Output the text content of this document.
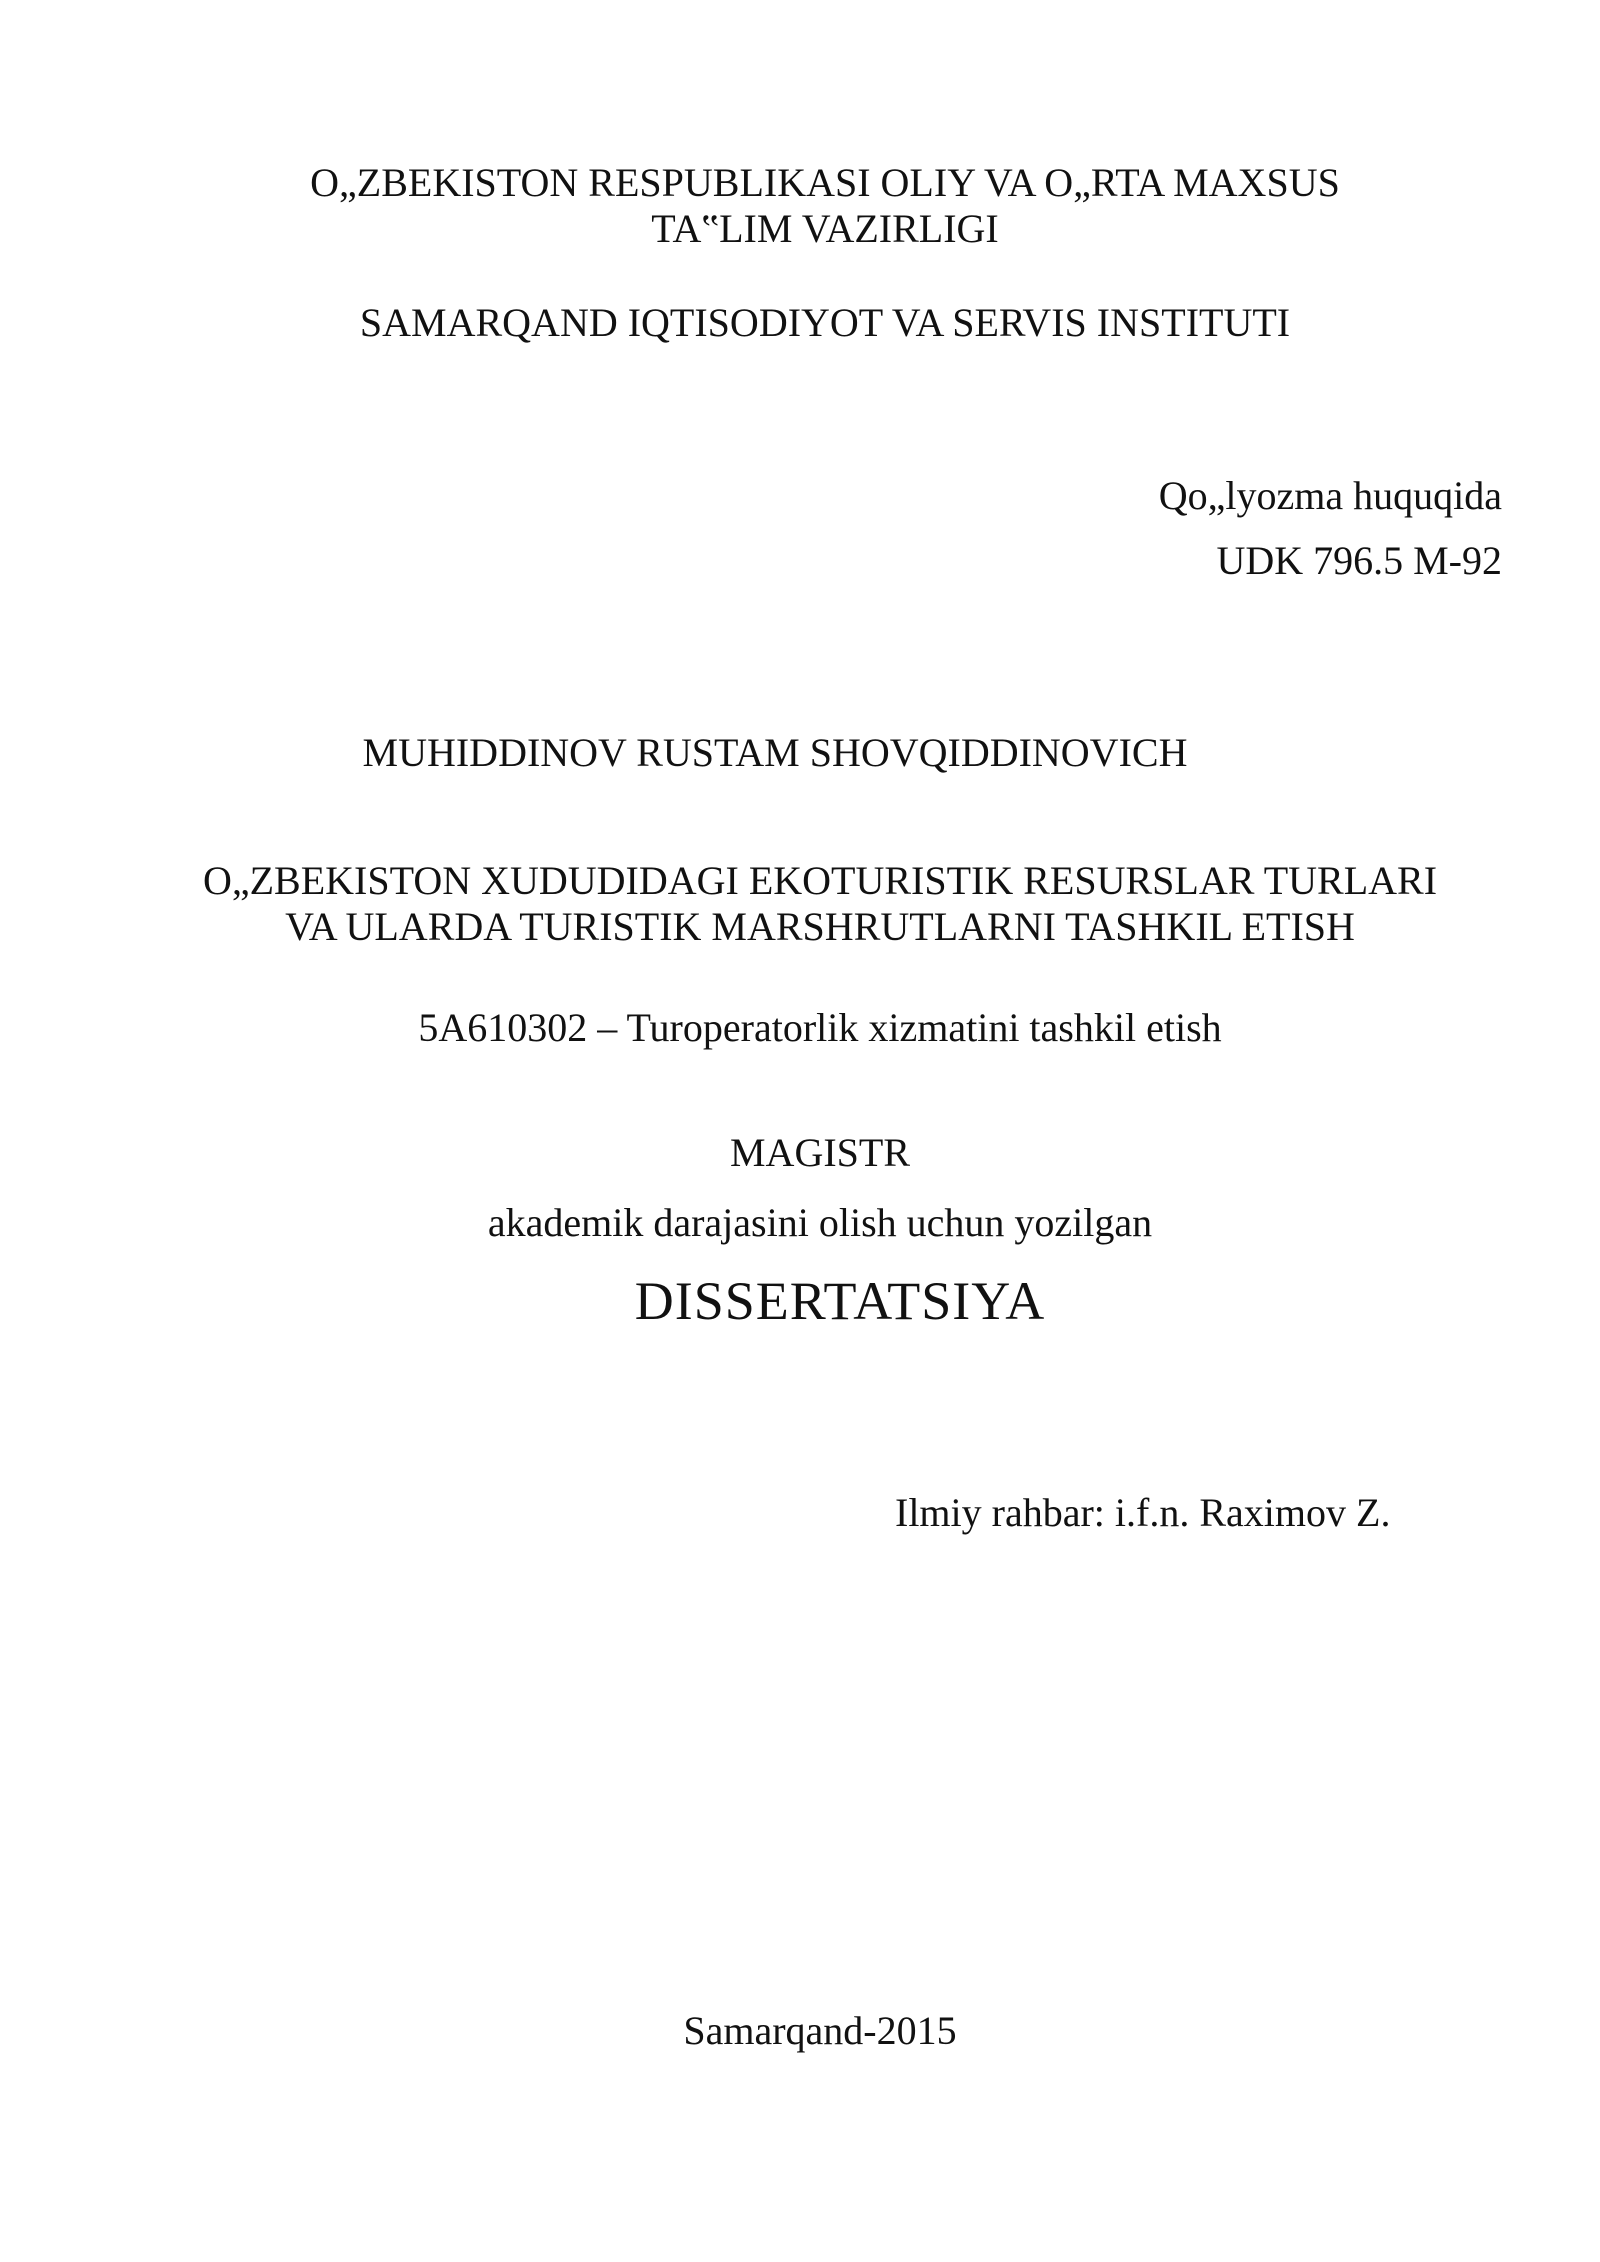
O„ZBEKISTON RESPUBLIKASI OLIY VA O„RTA MAXSUS
TA‟LIM VAZIRLIGI
SAMARQAND IQTISODIYOT VA SERVIS INSTITUTI
Qo„lyozma huquqida
UDK 796.5 M-92
MUHIDDINOV RUSTAM SHOVQIDDINOVICH
O„ZBEKISTON XUDUDIDAGI EKOTURISTIK RESURSLAR TURLARI
VA ULARDA TURISTIK MARSHRUTLARNI TASHKIL ETISH
5A610302 – Turoperatorlik xizmatini tashkil etish
MAGISTR
akademik darajasini olish uchun yozilgan
DISSERTATSIYA
Ilmiy rahbar: i.f.n. Raximov Z.
Samarqand-2015
